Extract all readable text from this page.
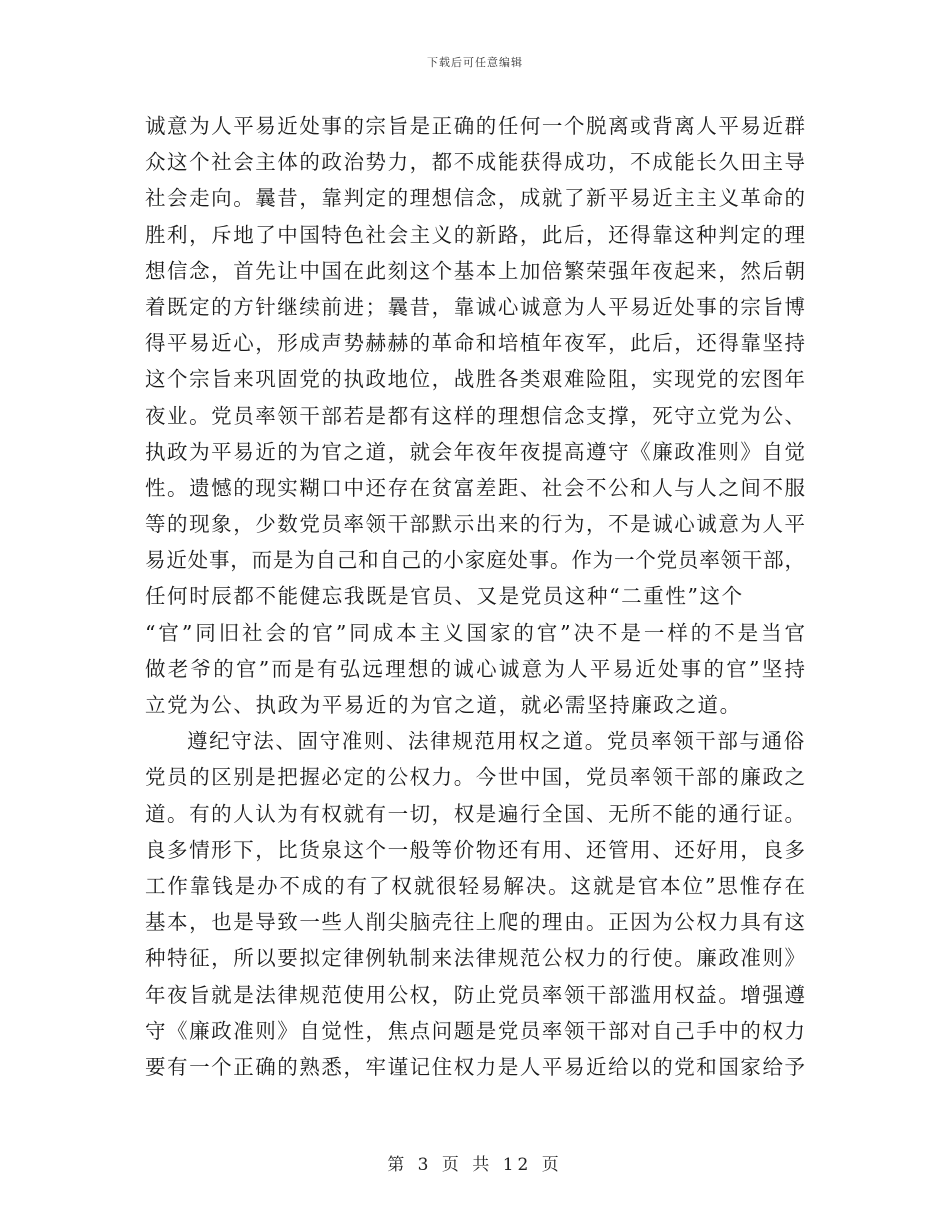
下载后可任意编辑
诚意为人平易近处事的宗旨是正确的任何一个脱离或背离人平易近群
众这个社会主体的政治势力，都不成能获得成功，不成能长久田主导
社会走向。曩昔，靠判定的理想信念，成就了新平易近主主义革命的
胜利，斥地了中国特色社会主义的新路，此后，还得靠这种判定的理
想信念，首先让中国在此刻这个基本上加倍繁荣强年夜起来，然后朝
着既定的方针继续前进；曩昔，靠诚心诚意为人平易近处事的宗旨博
得平易近心，形成声势赫赫的革命和培植年夜军，此后，还得靠坚持
这个宗旨来巩固党的执政地位，战胜各类艰难险阻，实现党的宏图年
夜业。党员率领干部若是都有这样的理想信念支撑，死守立党为公、
执政为平易近的为官之道，就会年夜年夜提高遵守《廉政准则》自觉
性。遗憾的现实糊口中还存在贫富差距、社会不公和人与人之间不服
等的现象，少数党员率领干部默示出来的行为，不是诚心诚意为人平
易近处事，而是为自己和自己的小家庭处事。作为一个党员率领干部，
任何时辰都不能健忘我既是官员、又是党员这种“二重性”这个
“官”同旧社会的官”同成本主义国家的官”决不是一样的不是当官
做老爷的官”而是有弘远理想的诚心诚意为人平易近处事的官”坚持
立党为公、执政为平易近的为官之道，就必需坚持廉政之道。
遵纪守法、固守准则、法律规范用权之道。党员率领干部与通俗
党员的区别是把握必定的公权力。今世中国，党员率领干部的廉政之
道。有的人认为有权就有一切，权是遍行全国、无所不能的通行证。
良多情形下，比货泉这个一般等价物还有用、还管用、还好用，良多
工作靠钱是办不成的有了权就很轻易解决。这就是官本位”思惟存在
基本，也是导致一些人削尖脑壳往上爬的理由。正因为公权力具有这
种特征，所以要拟定律例轨制来法律规范公权力的行使。廉政准则》
年夜旨就是法律规范使用公权，防止党员率领干部滥用权益。增强遵
守《廉政准则》自觉性，焦点问题是党员率领干部对自己手中的权力
要有一个正确的熟悉，牢谨记住权力是人平易近给以的党和国家给予
第 3 页 共 12 页
